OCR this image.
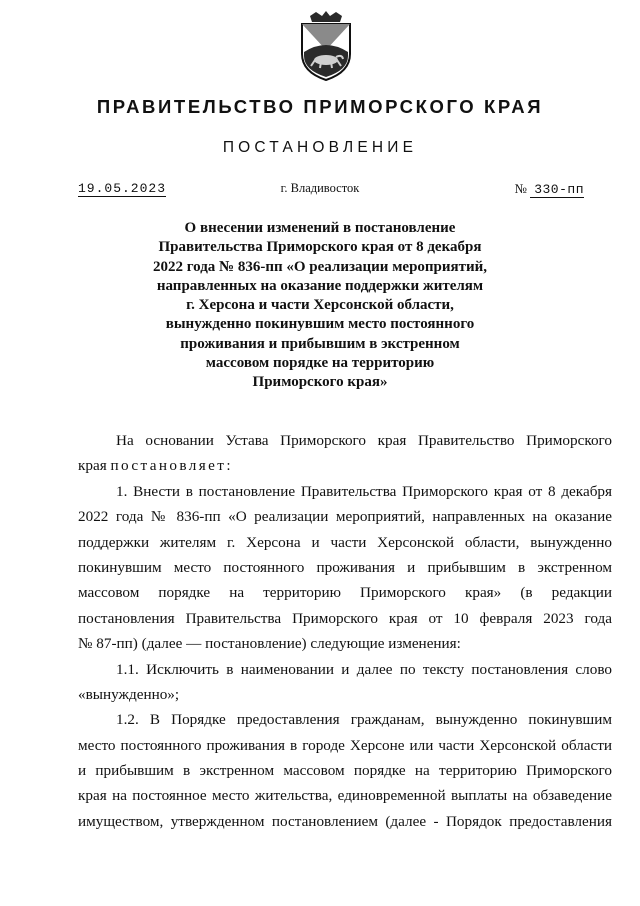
ПРАВИТЕЛЬСТВО ПРИМОРСКОГО КРАЯ
ПОСТАНОВЛЕНИЕ
19.05.2023	г. Владивосток	№ 330-пп
О внесении изменений в постановление
Правительства Приморского края от 8 декабря
2022 года № 836-пп «О реализации мероприятий,
направленных на оказание поддержки жителям
г. Херсона и части Херсонской области,
вынужденно покинувшим место постоянного
проживания и прибывшим в экстренном
массовом порядке на территорию
Приморского края»
На основании Устава Приморского края Правительство Приморского
края постановляет:
1. Внести в постановление Правительства Приморского края от 8 декабря
2022 года № 836-пп «О реализации мероприятий, направленных на оказание
поддержки жителям г. Херсона и части Херсонской области, вынужденно
покинувшим место постоянного проживания и прибывшим в экстренном
массовом порядке на территорию Приморского края» (в редакции
постановления Правительства Приморского края от 10 февраля 2023 года
№ 87-пп) (далее — постановление) следующие изменения:
1.1. Исключить в наименовании и далее по тексту постановления слово
«вынужденно»;
1.2. В Порядке предоставления гражданам, вынужденно покинувшим
место постоянного проживания в городе Херсоне или части Херсонской области
и прибывшим в экстренном массовом порядке на территорию Приморского
края на постоянное место жительства, единовременной выплаты на обзаведение
имуществом, утвержденном постановлением (далее - Порядок предоставления
